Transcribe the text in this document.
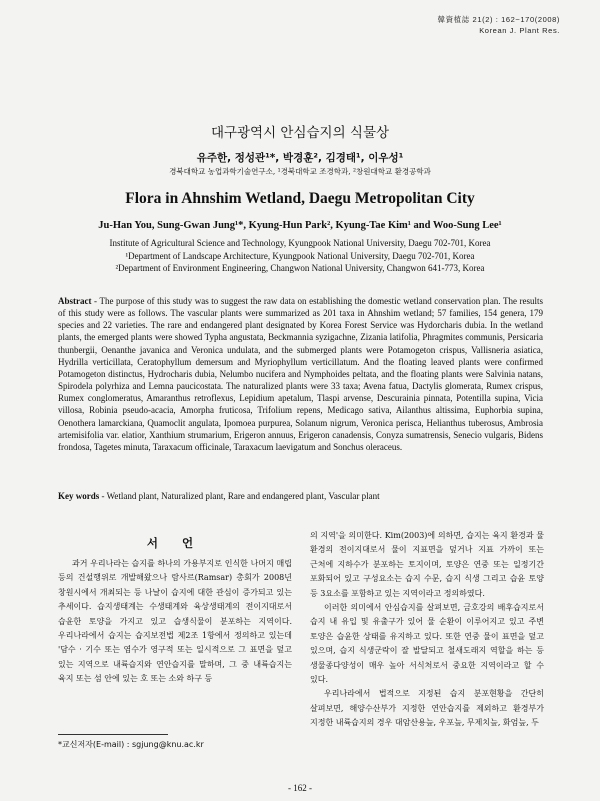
韓資植誌 21(2) : 162~170(2008)
Korean J. Plant Res.
대구광역시 안심습지의 식물상
유주한, 정성관¹*, 박경훈², 김경태¹, 이우성¹
경북대학교 농업과학기술연구소, ¹경북대학교 조경학과, ²창원대학교 환경공학과
Flora in Ahnshim Wetland, Daegu Metropolitan City
Ju-Han You, Sung-Gwan Jung¹*, Kyung-Hun Park², Kyung-Tae Kim¹ and Woo-Sung Lee¹
Institute of Agricultural Science and Technology, Kyungpook National University, Daegu 702-701, Korea
¹Department of Landscape Architecture, Kyungpook National University, Daegu 702-701, Korea
²Department of Environment Engineering, Changwon National University, Changwon 641-773, Korea
Abstract - The purpose of this study was to suggest the raw data on establishing the domestic wetland conservation plan. The results of this study were as follows. The vascular plants were summarized as 201 taxa in Ahnshim wetland; 57 families, 154 genera, 179 species and 22 varieties. The rare and endangered plant designated by Korea Forest Service was Hydorcharis dubia. In the wetland plants, the emerged plants were showed Typha angustata, Beckmannia syzigachne, Zizania latifolia, Phragmites communis, Persicaria thunbergii, Oenanthe javanica and Veronica undulata, and the submerged plants were Potamogeton crispus, Vallisneria asiatica, Hydrilla verticillata, Ceratophyllum demersum and Myriophyllum verticillatum. And the floating leaved plants were confirmed Potamogeton distinctus, Hydrocharis dubia, Nelumbo nucifera and Nymphoides peltata, and the floating plants were Salvinia natans, Spirodela polyrhiza and Lemna paucicostata. The naturalized plants were 33 taxa; Avena fatua, Dactylis glomerata, Rumex crispus, Rumex conglomeratus, Amaranthus retroflexus, Lepidium apetalum, Tlaspi arvense, Descurainia pinnata, Potentilla supina, Vicia villosa, Robinia pseudo-acacia, Amorpha fruticosa, Trifolium repens, Medicago sativa, Ailanthus altissima, Euphorbia supina, Oenothera lamarckiana, Quamoclit angulata, Ipomoea purpurea, Solanum nigrum, Veronica perisca, Helianthus tuberosus, Ambrosia artemisifolia var. elatior, Xanthium strumarium, Erigeron annuus, Erigeron canadensis, Conyza sumatrensis, Senecio vulgaris, Bidens frondosa, Tagetes minuta, Taraxacum officinale, Taraxacum laevigatum and Sonchus oleraceus.
Key words - Wetland plant, Naturalized plant, Rare and endangered plant, Vascular plant
서 언

과거 우리나라는 습지를 하나의 가용부지로 인식한 나머지 매립 등의 건설행위로 개발해왔으나 람사르(Ramsar) 총회가 2008년 창원시에서 개최되는 등 나날이 습지에 대한 관심이 증가되고 있는 추세이다. 습지생태계는 수생태계와 육상생태계의 전이지대로서 습윤한 토양을 가지고 있고 습생식물이 분포하는 지역이다. 우리나라에서 습지는 습지보전법 제2조 1항에서 정의하고 있는데 '담수 · 기수 또는 염수가 영구적 또는 일시적으로 그 표면을 덮고 있는 지역으로 내륙습지와 연안습지를 말하며, 그 중 내륙습지는 육지 또는 섬 안에 있는 호 또는 소와 하구 등

의 지역'을 의미한다. Kim(2003)에 의하면, 습지는 육지 환경과 물 환경의 전이지대로서 물이 지표면을 덮거나 지표 가까이 또는 근처에 지하수가 분포하는 토지이며, 토양은 연중 또는 일정기간 포화되어 있고 구성요소는 습지 수문, 습지 식생 그리고 습윤 토양 등 3요소를 포함하고 있는 지역이라고 정의하였다.

이러한 의미에서 안심습지를 살펴보면, 금호강의 배후습지로서 습지 내 유입 및 유출구가 있어 물 순환이 이루어지고 있고 주변 토양은 습윤한 상태를 유지하고 있다. 또한 연중 물이 표면을 덮고 있으며, 습지 식생군락이 잘 발달되고 철새도래지 역할을 하는 등 생물종다양성이 매우 높아 서식처로서 중요한 지역이라고 할 수 있다.

우리나라에서 법적으로 지정된 습지 분포현황을 간단히 살펴보면, 해양수산부가 지정한 연안습지를 제외하고 환경부가 지정한 내륙습지의 경우 대암산용늪, 우포늪, 무제치늪, 화엄늪, 두

*교신저자(E-mail) : sgjung@knu.ac.kr
- 162 -
